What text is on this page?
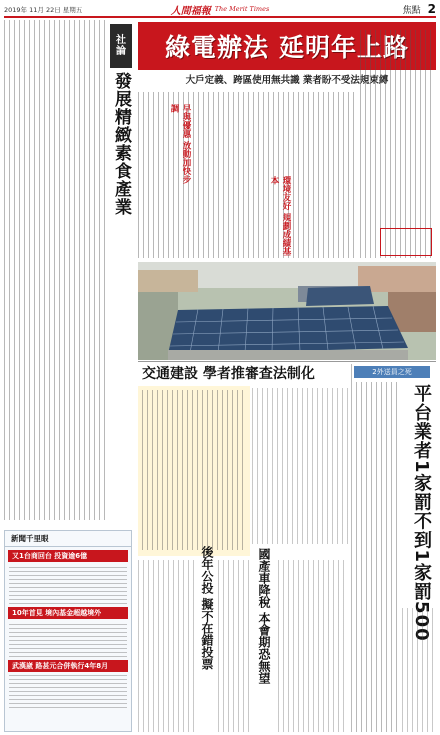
2019年 11月 22日 星期五	人間福報 The Merit Times	焦點 2
社
論
發展精緻素食產業
新聞千里眼
又1台商回台 投資逾6億
10年首見 境內基金超越境外
武漢崴 路甚元合併執行4年8月
綠電辦法 延明年上路
大戶定義、跨區使用無共識 業者盼不受法規束縛
早與優惠 放動加快步調
環境友好 規劃成績基本
交通建設 學者推審查法制化
後年公投 擬不在錯投票	國產車降稅 本會期恐無望
2外送員之死
平台業者1家罰不到1家罰500
